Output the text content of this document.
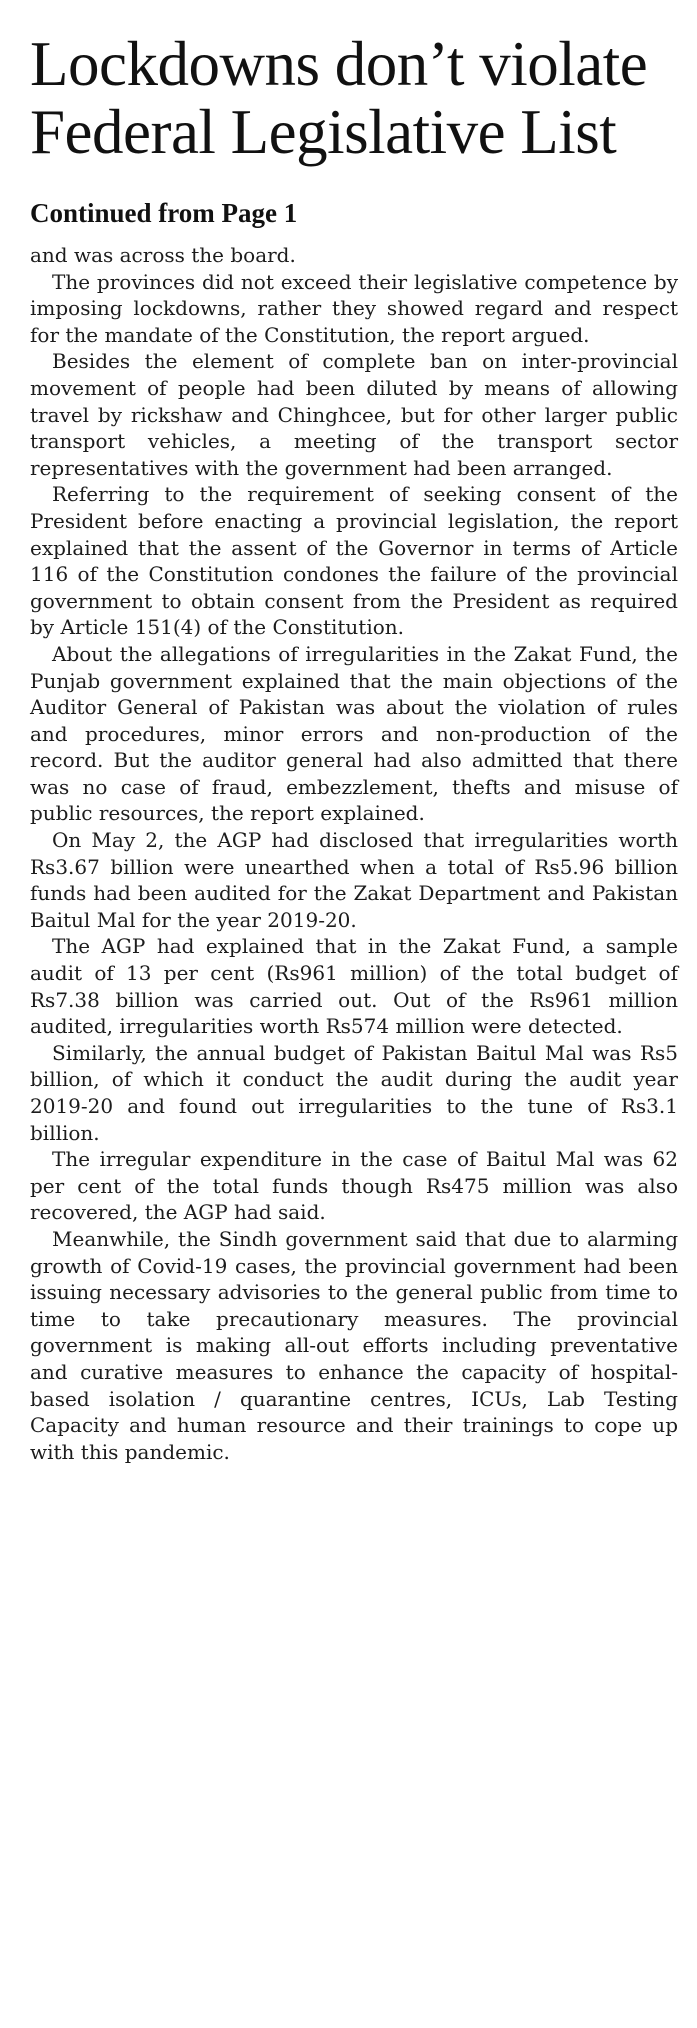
Lockdowns don’t violate
Federal Legislative List
Continued from Page 1

and was across the board.

The provinces did not exceed their legislative competence by imposing lockdowns, rather they showed regard and respect for the mandate of the Constitution, the report argued.

Besides the element of complete ban on inter-provincial movement of people had been diluted by means of allowing travel by rickshaw and Chinghcee, but for other larger public transport vehicles, a meeting of the transport sector representatives with the government had been arranged.

Referring to the requirement of seeking consent of the President before enacting a provincial legislation, the report explained that the assent of the Governor in terms of Article 116 of the Constitution condones the failure of the provincial government to obtain consent from the President as required by Article 151(4) of the Constitution.

About the allegations of irregularities in the Zakat Fund, the Punjab government explained that the main objections of the Auditor General of Pakistan was about the violation of rules and procedures, minor errors and non-production of the record. But the auditor general had also admitted that there was no case of fraud, embezzlement, thefts and misuse of public resources, the report explained.

On May 2, the AGP had disclosed that irregularities worth Rs3.67 billion were unearthed when a total of Rs5.96 billion funds had been audited for the Zakat Department and Pakistan Baitul Mal for the year 2019-20.

The AGP had explained that in the Zakat Fund, a sample audit of 13 per cent (Rs961 million) of the total budget of Rs7.38 billion was carried out. Out of the Rs961 million audited, irregularities worth Rs574 million were detected.

Similarly, the annual budget of Pakistan Baitul Mal was Rs5 billion, of which it conduct the audit during the audit year 2019-20 and found out irregularities to the tune of Rs3.1 billion.

The irregular expenditure in the case of Baitul Mal was 62 per cent of the total funds though Rs475 million was also recovered, the AGP had said.

Meanwhile, the Sindh government said that due to alarming growth of Covid-19 cases, the provincial government had been issuing necessary advisories to the general public from time to time to take precautionary measures. The provincial government is making all-out efforts including preventative and curative measures to enhance the capacity of hospital-based isolation / quarantine centres, ICUs, Lab Testing Capacity and human resource and their trainings to cope up with this pandemic.
